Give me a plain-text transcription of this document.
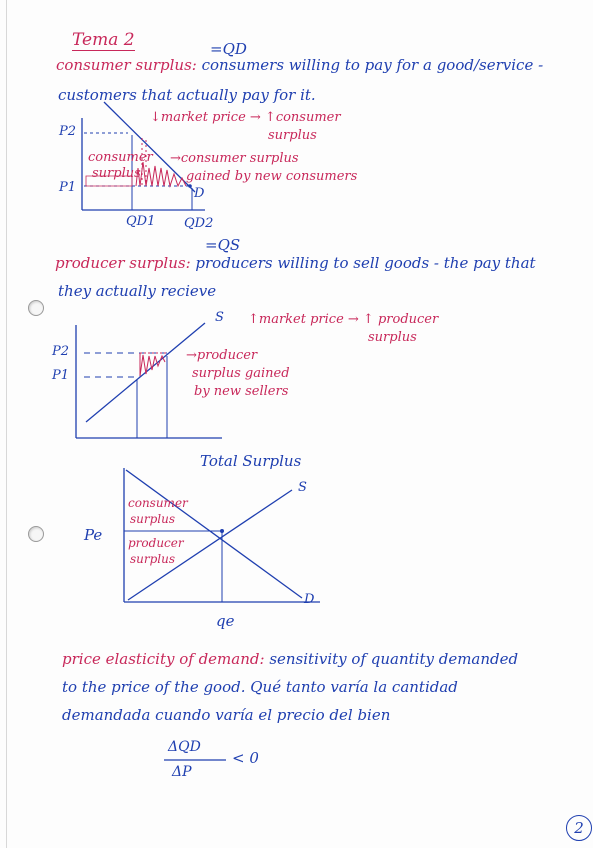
Tema 2	=QD
consumer surplus: consumers willing to pay for a good/service -
customers that actually pay for it.
P2
P1
↓market price → ↑consumer
surplus
consumer
surplus
→consumer surplus
gained by new consumers
D
QD1 QD2
=QS
producer surplus: producers willing to sell goods - the pay that
they actually recieve
S ↑market price → ↑ producer
surplus
P2
P1
→producer
surplus gained
by new sellers
Total Surplus
S
D
Pe
qe
consumer
surplus
producer
surplus
price elasticity of demand: sensitivity of quantity demanded
to the price of the good. Qué tanto varía la cantidad
demandada cuando varía el precio del bien
ΔQD
ΔP
< 0
2
